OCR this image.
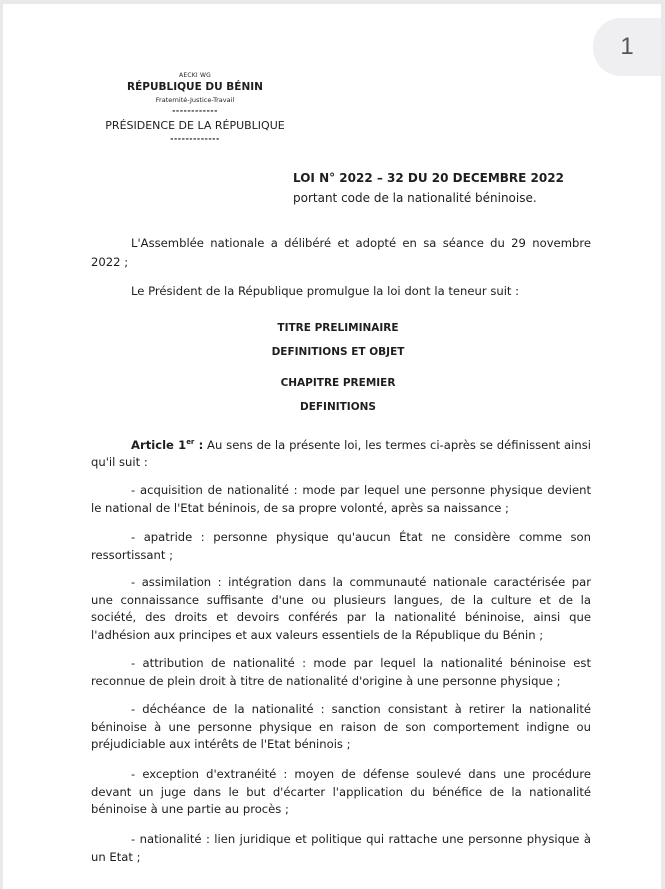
1
AECKI WG
RÉPUBLIQUE DU BÉNIN
Fraternité-Justice-Travail
------------
PRÉSIDENCE DE LA RÉPUBLIQUE
-------------
LOI N° 2022 – 32 DU 20 DECEMBRE 2022
portant code de la nationalité béninoise.
L'Assemblée nationale a délibéré et adopté en sa séance du 29 novembre 2022 ;
Le Président de la République promulgue la loi dont la teneur suit :
TITRE PRELIMINAIRE
DEFINITIONS ET OBJET
CHAPITRE PREMIER
DEFINITIONS
Article 1er : Au sens de la présente loi, les termes ci-après se définissent ainsi qu'il suit :
- acquisition de nationalité : mode par lequel une personne physique devient le national de l'Etat béninois, de sa propre volonté, après sa naissance ;
- apatride : personne physique qu'aucun État ne considère comme son ressortissant ;
- assimilation : intégration dans la communauté nationale caractérisée par une connaissance suffisante d'une ou plusieurs langues, de la culture et de la société, des droits et devoirs conférés par la nationalité béninoise, ainsi que l'adhésion aux principes et aux valeurs essentiels de la République du Bénin ;
- attribution de nationalité : mode par lequel la nationalité béninoise est reconnue de plein droit à titre de nationalité d'origine à une personne physique ;
- déchéance de la nationalité : sanction consistant à retirer la nationalité béninoise à une personne physique en raison de son comportement indigne ou préjudiciable aux intérêts de l'Etat béninois ;
- exception d'extranéité : moyen de défense soulevé dans une procédure devant un juge dans le but d'écarter l'application du bénéfice de la nationalité béninoise à une partie au procès ;
- nationalité : lien juridique et politique qui rattache une personne physique à un Etat ;
